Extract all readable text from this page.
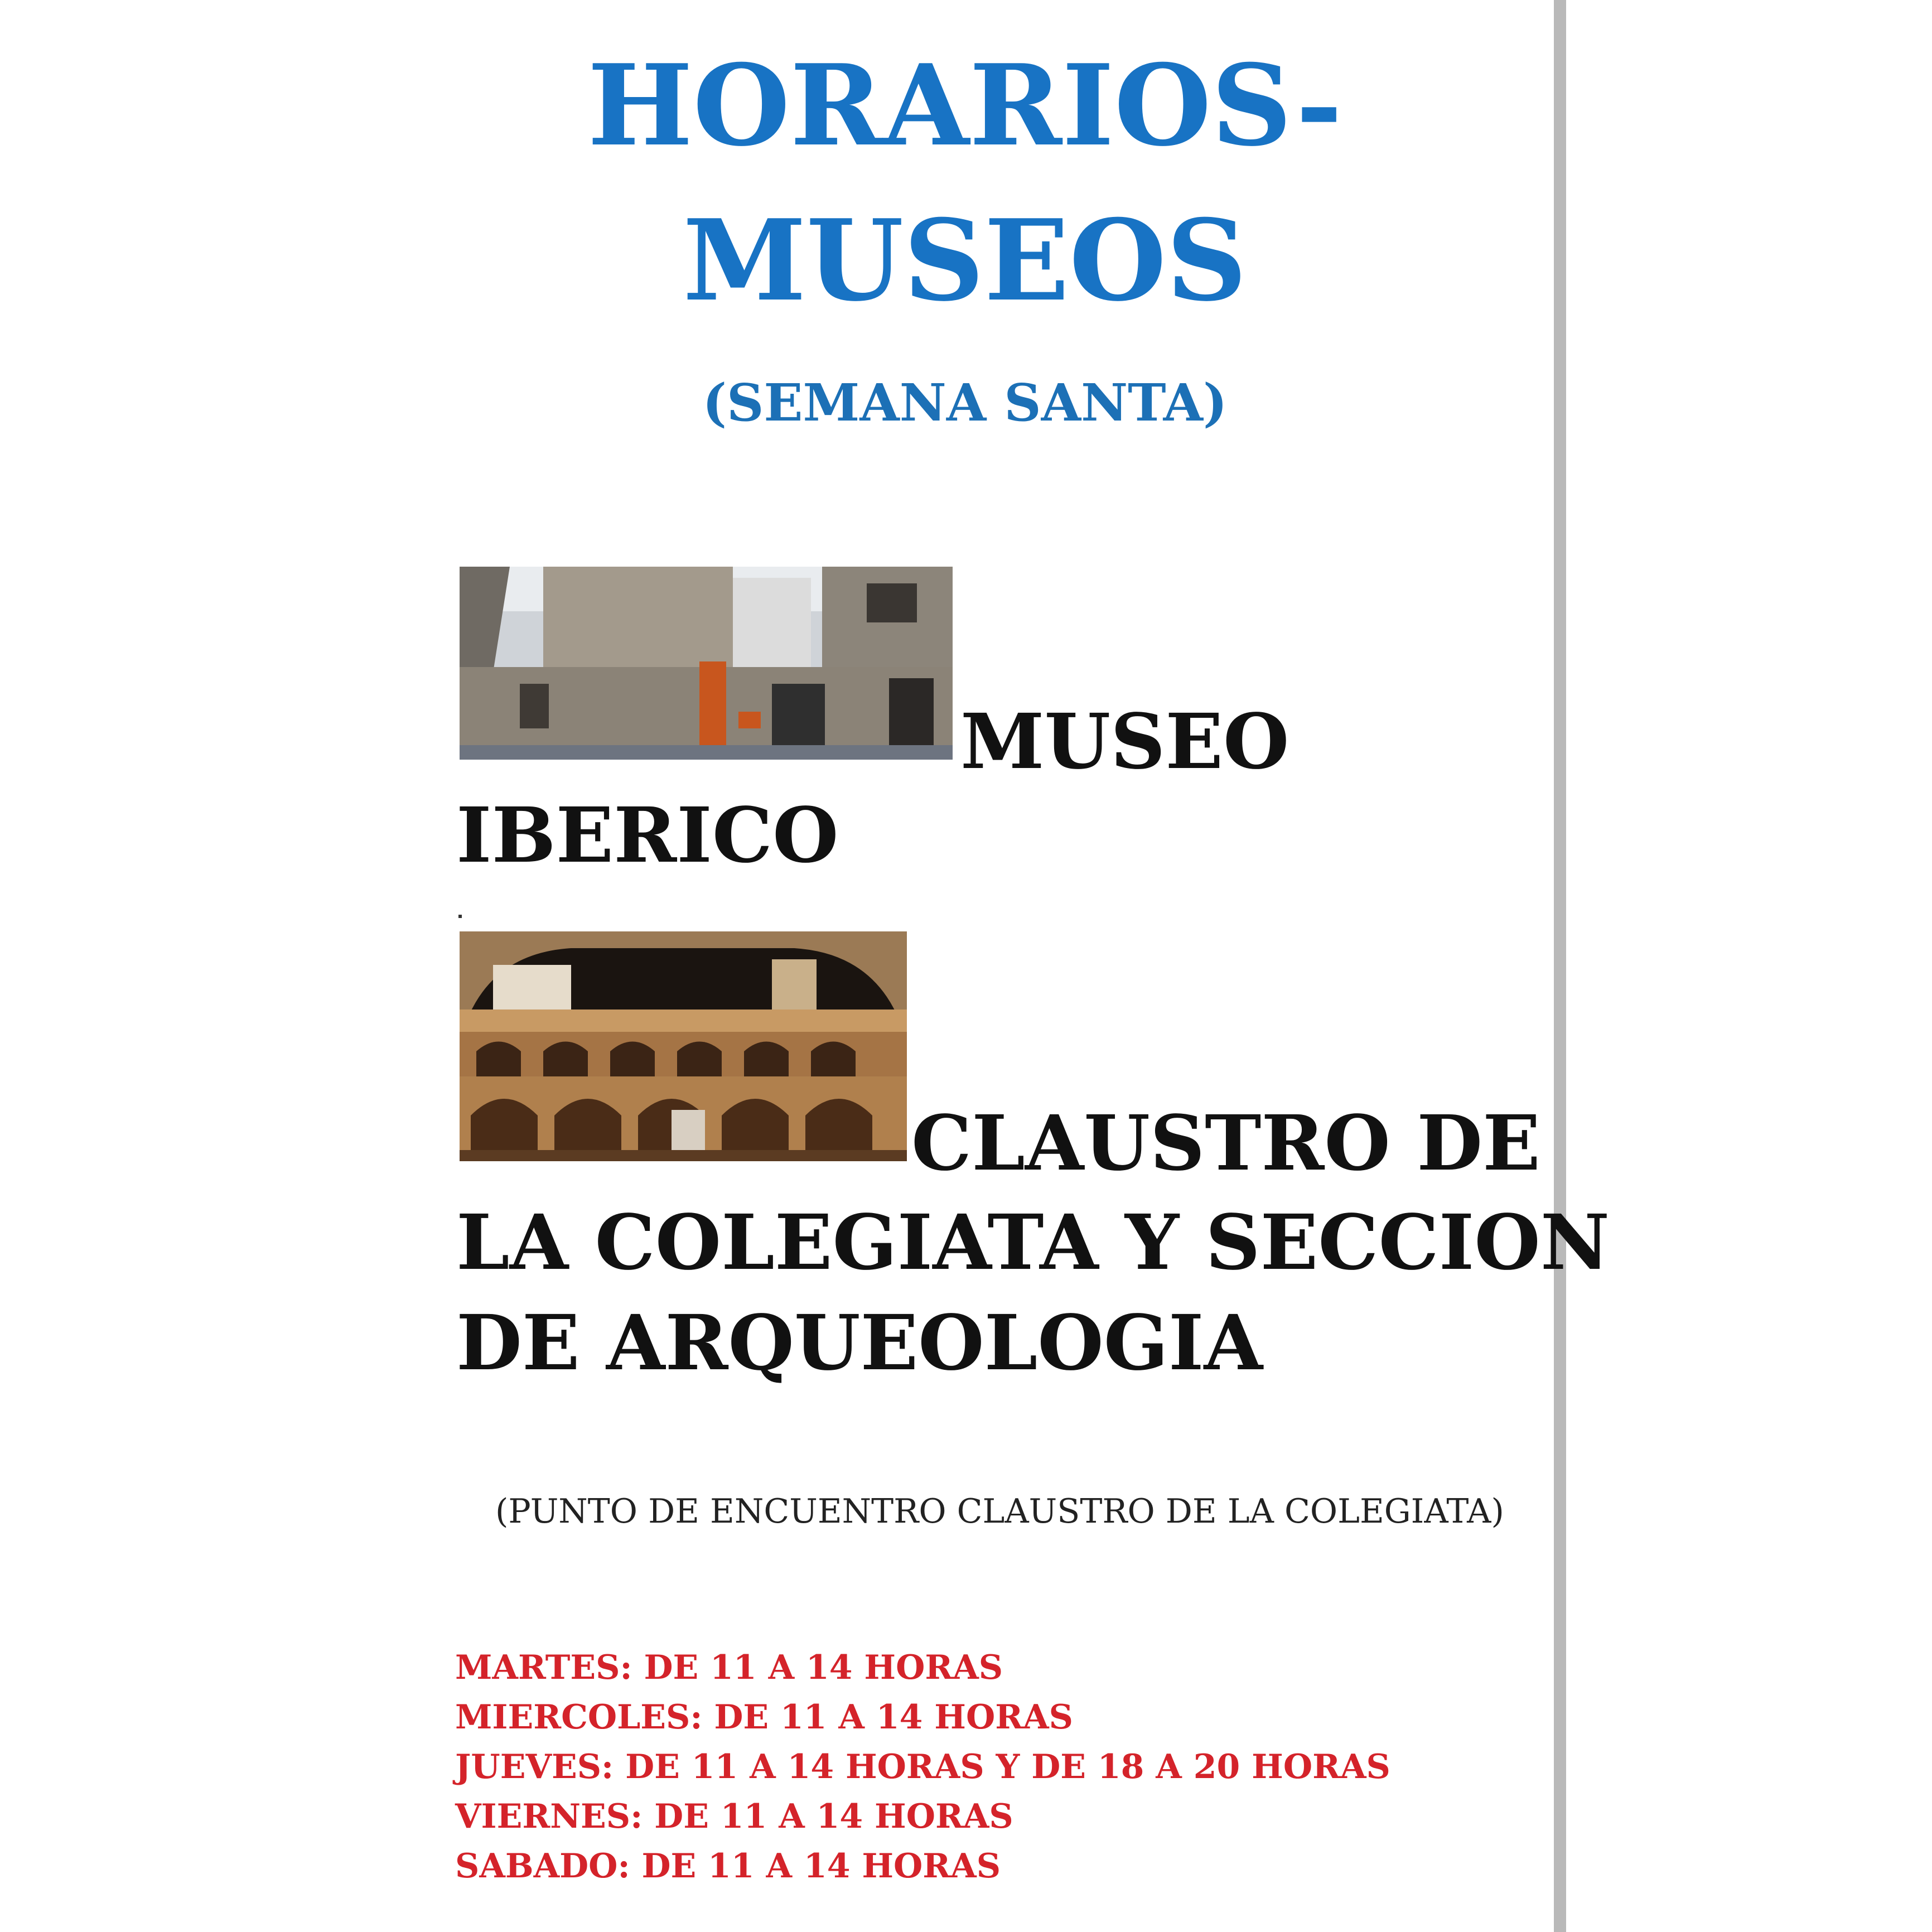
HORARIOS-
MUSEOS
(SEMANA SANTA)
MUSEO
IBERICO
CLAUSTRO DE
LA COLEGIATA Y SECCION
DE ARQUEOLOGIA
(PUNTO DE ENCUENTRO CLAUSTRO DE LA COLEGIATA)
MARTES: DE 11 A 14 HORAS
MIERCOLES: DE 11 A 14 HORAS
JUEVES: DE 11 A 14 HORAS Y DE 18 A 20 HORAS
VIERNES: DE 11 A 14 HORAS
SABADO: DE 11 A 14 HORAS
